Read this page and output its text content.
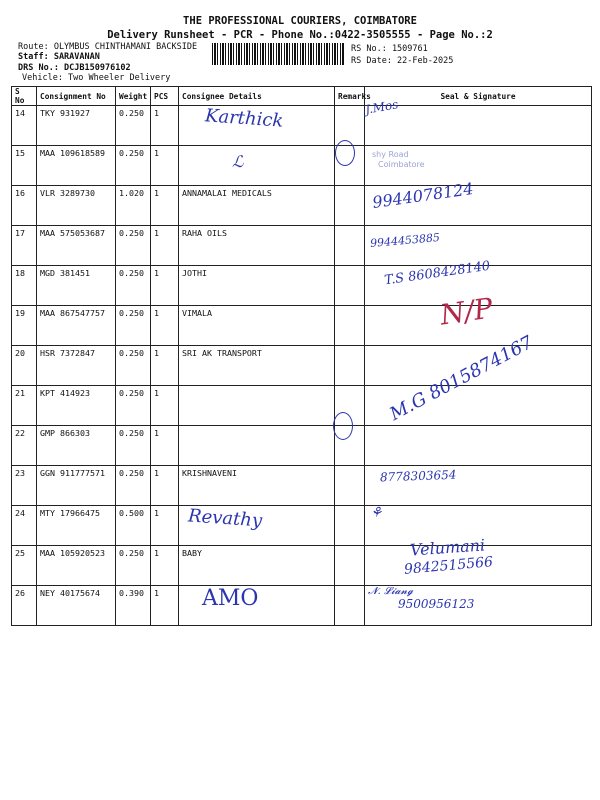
THE PROFESSIONAL COURIERS, COIMBATORE
Delivery Runsheet - PCR - Phone No.:0422-3505555 - Page No.:2
Route: OLYMBUS CHINTHAMANI BACKSIDE
Staff: SARAVANAN
DRS No.: DCJB150976102
Vehicle: Two Wheeler Delivery
RS No.: 1509761
RS Date: 22-Feb-2025
S No	Consignment No	Weight	PCS	Consignee Details	Remarks	Seal & Signature
14	TKY 931927	0.250	1			
15	MAA 109618589	0.250	1			
16	VLR 3289730	1.020	1	ANNAMALAI MEDICALS		
17	MAA 575053687	0.250	1	RAHA OILS		
18	MGD 381451	0.250	1	JOTHI		
19	MAA 867547757	0.250	1	VIMALA		
20	HSR 7372847	0.250	1	SRI AK TRANSPORT		
21	KPT 414923	0.250	1			
22	GMP 866303	0.250	1			
23	GGN 911777571	0.250	1	KRISHNAVENI		
24	MTY 17966475	0.500	1			
25	MAA 105920523	0.250	1	BABY		
26	NEY 40175674	0.390	1			
shy Road
Coimbatore
Karthick	J.Mos
ℒ
9944078124
9944453885
T.S 8608428140
N/P
M.G 8015874167
8778303654
Revathy	⚘
Velumani
9842515566
AMO	𝓝. 𝓛𝓲𝓪𝓷𝓰
9500956123
